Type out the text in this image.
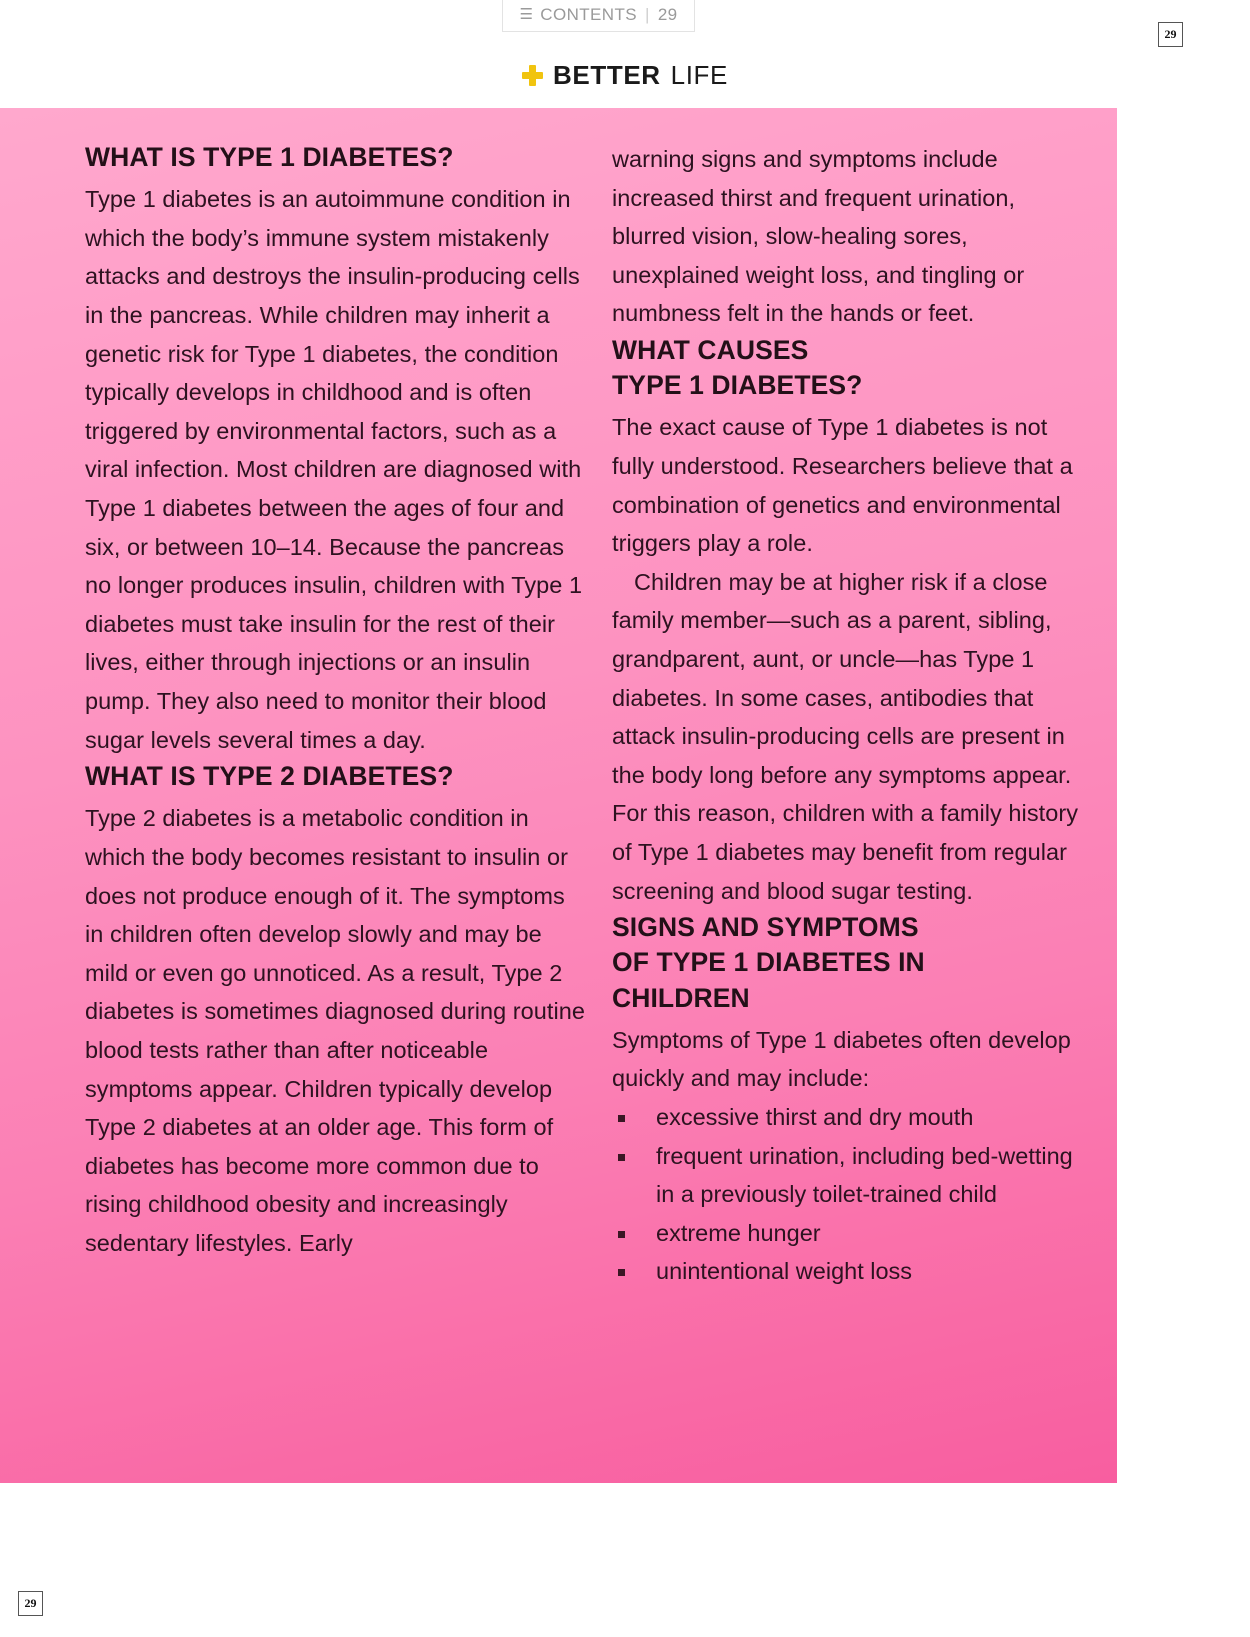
☰ CONTENTS | 29
BETTER LIFE
29
29
WHAT IS TYPE 1 DIABETES?

Type 1 diabetes is an autoimmune condition in which the body’s immune system mistakenly attacks and destroys the insulin-producing cells in the pancreas. While children may inherit a genetic risk for Type 1 diabetes, the condition typically develops in childhood and is often triggered by environmental factors, such as a viral infection. Most children are diagnosed with Type 1 diabetes between the ages of four and six, or between 10–14. Because the pancreas no longer produces insulin, children with Type 1 diabetes must take insulin for the rest of their lives, either through injections or an insulin pump. They also need to monitor their blood sugar levels several times a day.

WHAT IS TYPE 2 DIABETES?

Type 2 diabetes is a metabolic condition in which the body becomes resistant to insulin or does not produce enough of it. The symptoms in children often develop slowly and may be mild or even go unnoticed. As a result, Type 2 diabetes is sometimes diagnosed during routine blood tests rather than after noticeable symptoms appear. Children typically develop Type 2 diabetes at an older age. This form of diabetes has become more common due to rising childhood obesity and increasingly sedentary lifestyles. Early

warning signs and symptoms include increased thirst and frequent urination, blurred vision, slow-healing sores, unexplained weight loss, and tingling or numbness felt in the hands or feet.

WHAT CAUSES
TYPE 1 DIABETES?

The exact cause of Type 1 diabetes is not fully understood. Researchers believe that a combination of genetics and environmental triggers play a role.

Children may be at higher risk if a close family member—such as a parent, sibling, grandparent, aunt, or uncle—has Type 1 diabetes. In some cases, antibodies that attack insulin-producing cells are present in the body long before any symptoms appear. For this reason, children with a family history of Type 1 diabetes may benefit from regular screening and blood sugar testing.

SIGNS AND SYMPTOMS
OF TYPE 1 DIABETES IN
CHILDREN

Symptoms of Type 1 diabetes often develop quickly and may include:

excessive thirst and dry mouth
frequent urination, including bed-wetting in a previously toilet-trained child
extreme hunger
unintentional weight loss
